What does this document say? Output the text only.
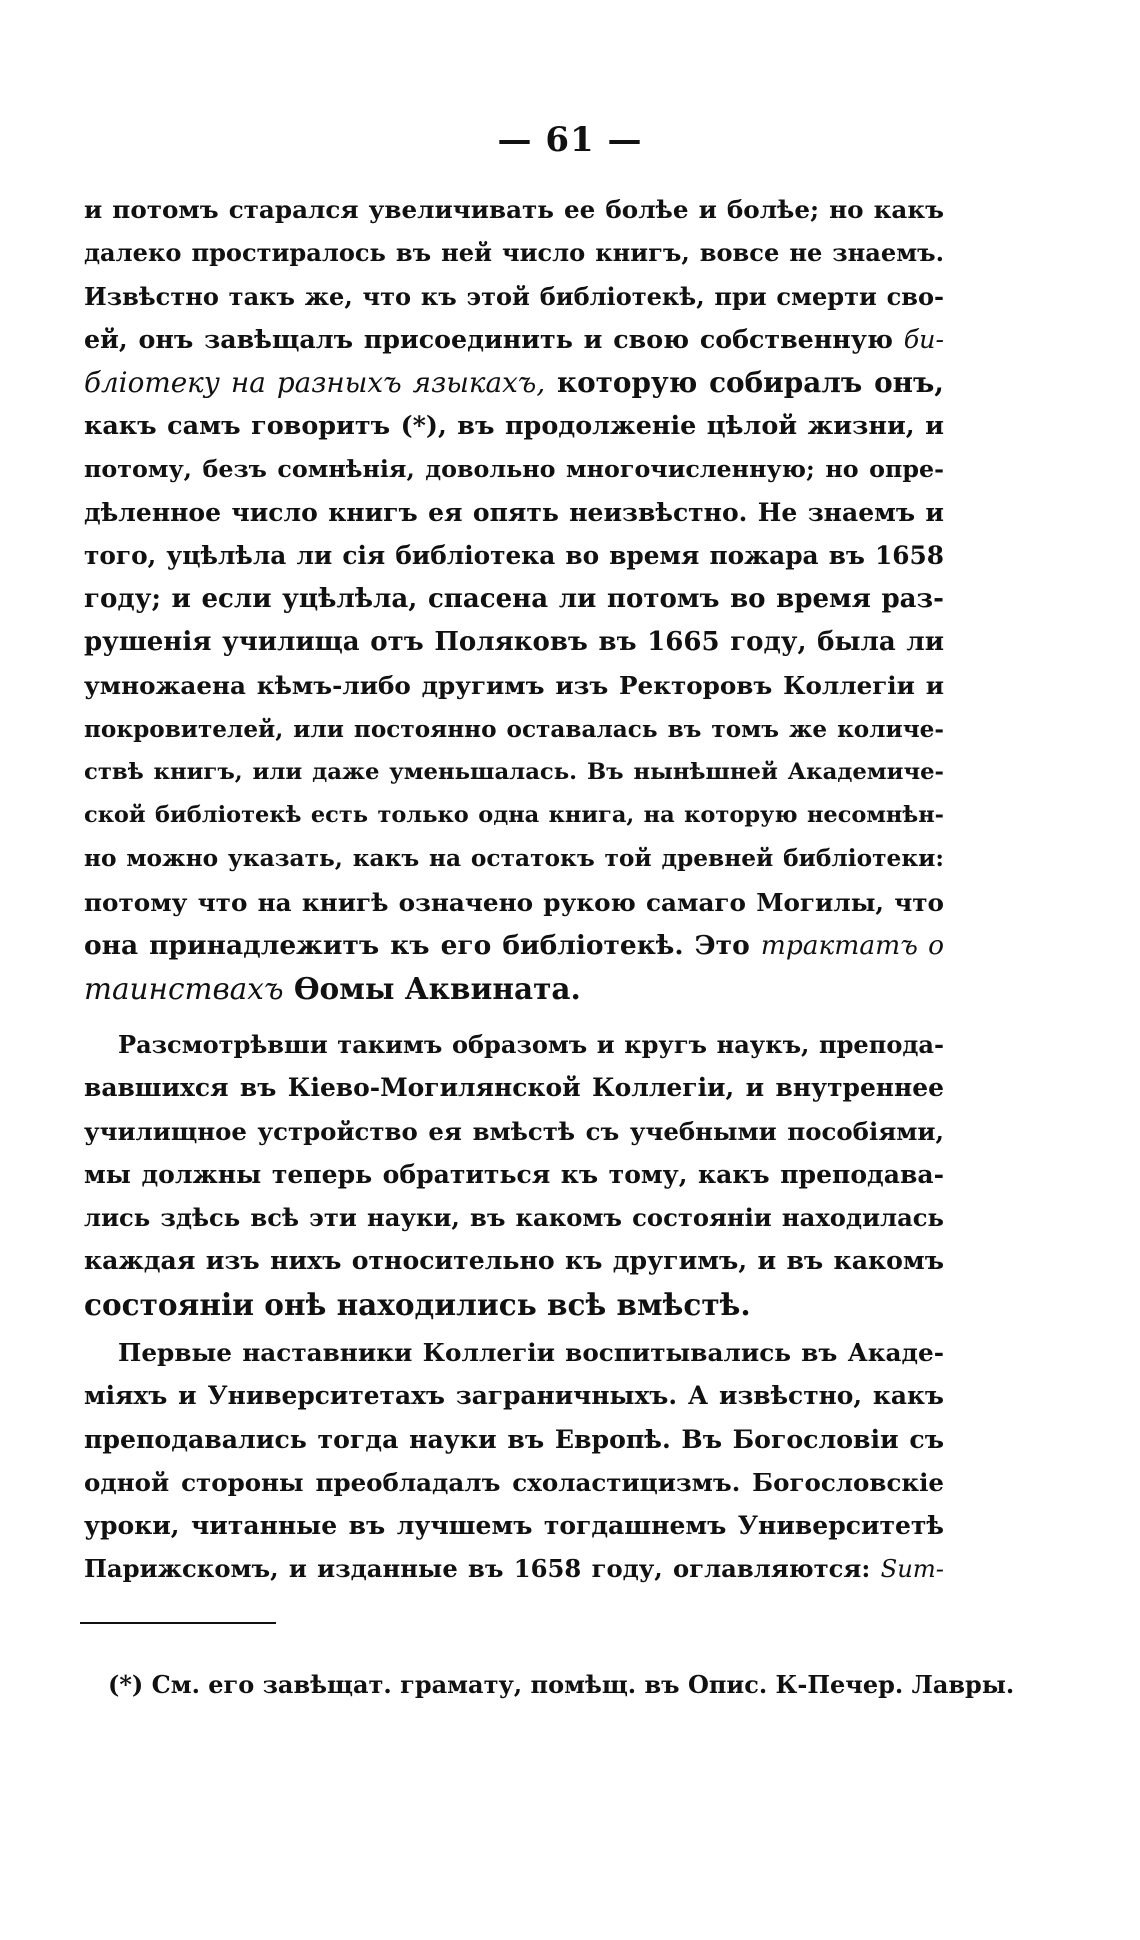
— 61 —
и потомъ старался увеличивать ее болѣе и болѣе; но какъ
далеко простиралось въ ней число книгъ, вовсе не знаемъ.
Извѣстно такъ же, что къ этой библіотекѣ, при смерти сво-
ей, онъ завѣщалъ присоединить и свою собственную би-
бліотеку на разныхъ языкахъ, которую собиралъ онъ,
какъ самъ говоритъ (*), въ продолженіе цѣлой жизни, и
потому, безъ сомнѣнія, довольно многочисленную; но опре-
дѣленное число книгъ ея опять неизвѣстно. Не знаемъ и
того, уцѣлѣла ли сія библіотека во время пожара въ 1658
году; и если уцѣлѣла, спасена ли потомъ во время раз-
рушенія училища отъ Поляковъ въ 1665 году, была ли
умножаена кѣмъ-либо другимъ изъ Ректоровъ Коллегіи и
покровителей, или постоянно оставалась въ томъ же количе-
ствѣ книгъ, или даже уменьшалась. Въ нынѣшней Академиче-
ской библіотекѣ есть только одна книга, на которую несомнѣн-
но можно указать, какъ на остатокъ той древней библіотеки:
потому что на книгѣ означено рукою самаго Могилы, что
она принадлежитъ къ его библіотекѣ. Это трактатъ о
таинствахъ Ѳомы Аквината.
Разсмотрѣвши такимъ образомъ и кругъ наукъ, препода-
вавшихся въ Кіево-Могилянской Коллегіи, и внутреннее
училищное устройство ея вмѣстѣ съ учебными пособіями,
мы должны теперь обратиться къ тому, какъ преподава-
лись здѣсь всѣ эти науки, въ какомъ состояніи находилась
каждая изъ нихъ относительно къ другимъ, и въ какомъ
состояніи онѣ находились всѣ вмѣстѣ.
Первые наставники Коллегіи воспитывались въ Акаде-
міяхъ и Университетахъ заграничныхъ. А извѣстно, какъ
преподавались тогда науки въ Европѣ. Въ Богословіи съ
одной стороны преобладалъ схоластицизмъ. Богословскіе
уроки, читанные въ лучшемъ тогдашнемъ Университетѣ
Парижскомъ, и изданные въ 1658 году, оглавляются: Sum-
(*) См. его завѣщат. грамату, помѣщ. въ Опис. К-Печер. Лавры.
